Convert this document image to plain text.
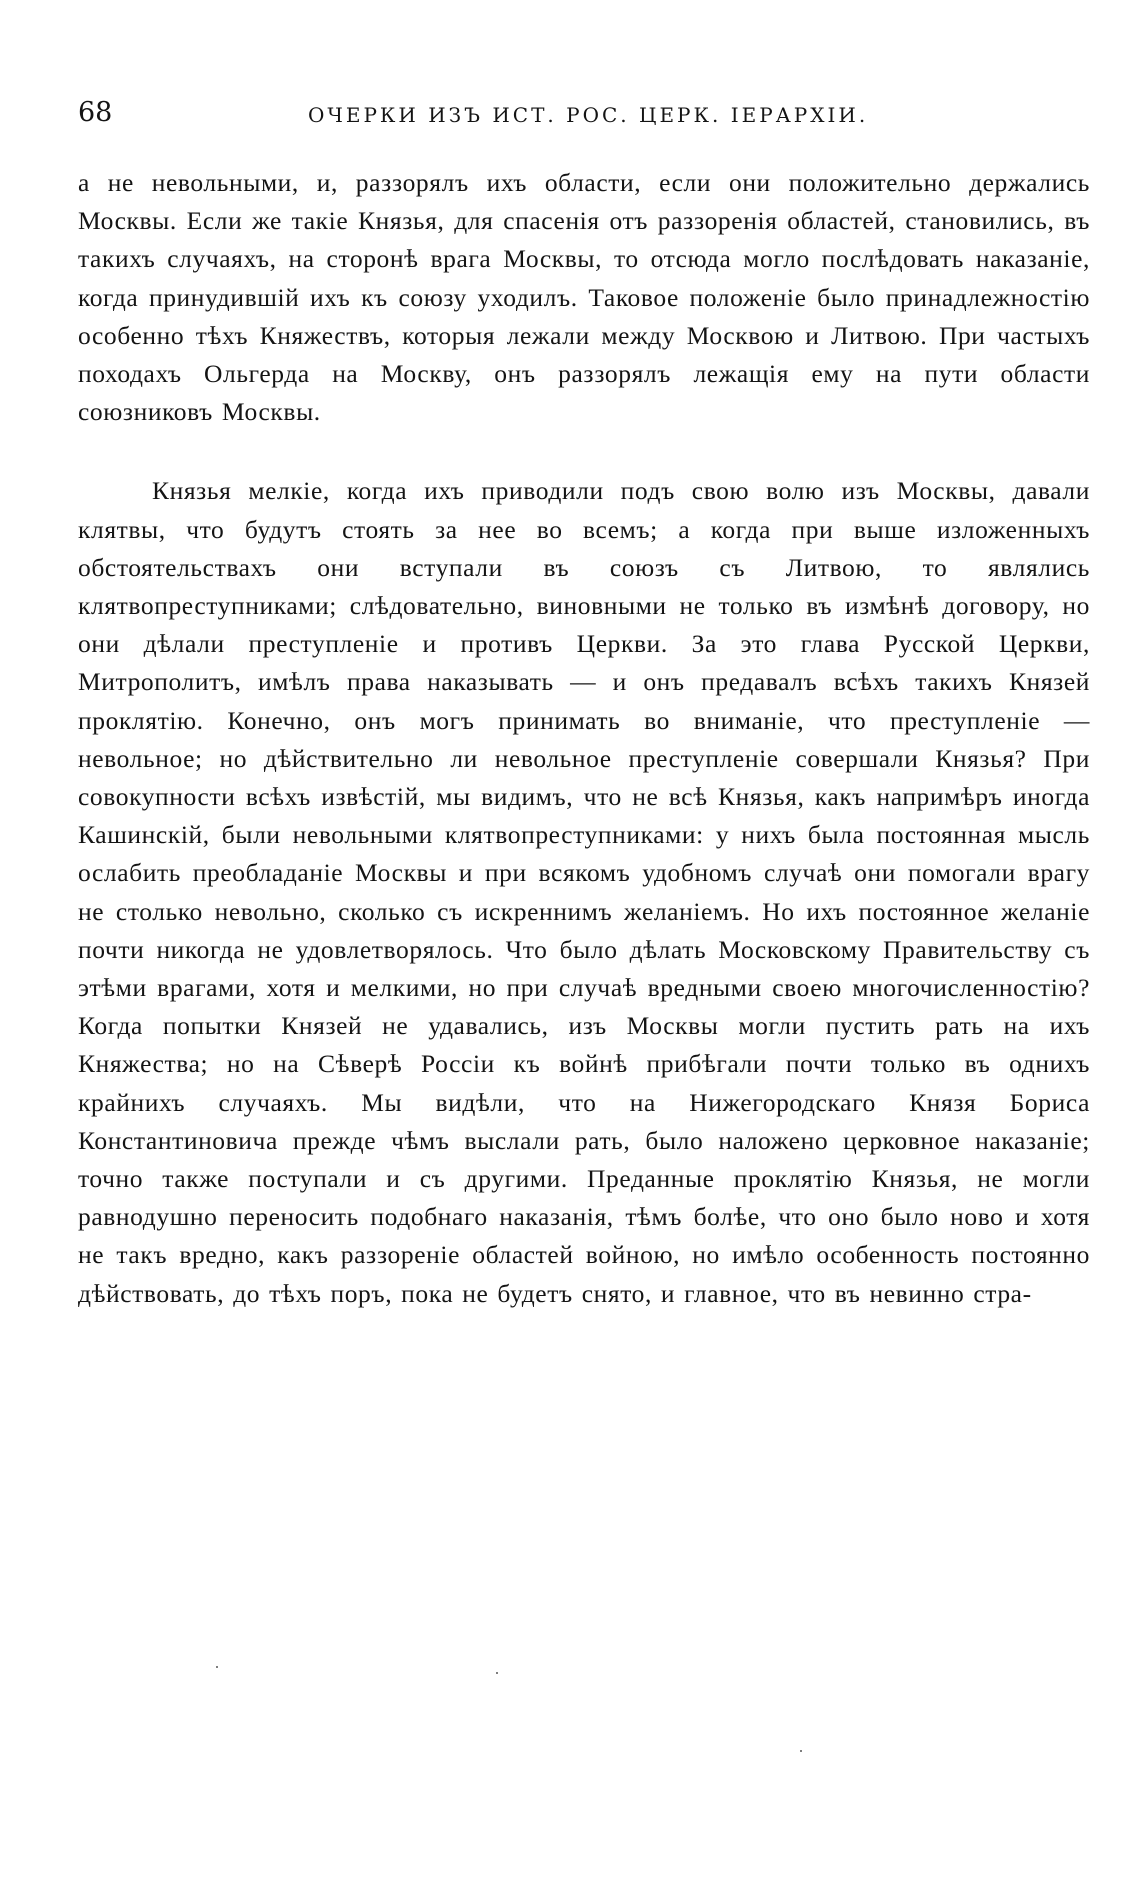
68	ОЧЕРКИ ИЗЪ ИСТ. РОС. ЦЕРК. ІЕРАРХІИ.

а не невольными, и, раззорялъ ихъ области, если они положительно держались Москвы. Если же такіе Князья, для спасенія отъ раззоренія областей, становились, въ такихъ случаяхъ, на сторонѣ врага Москвы, то отсюда могло послѣдовать наказаніе, когда принудившій ихъ къ союзу уходилъ. Таковое положеніе было принадлежностію особенно тѣхъ Княжествъ, которыя лежали между Москвою и Литвою. При частыхъ походахъ Ольгерда на Москву, онъ раззорялъ лежащія ему на пути области союзниковъ Москвы.

Князья мелкіе, когда ихъ приводили подъ свою волю изъ Москвы, давали клятвы, что будутъ стоять за нее во всемъ; а когда при выше изложенныхъ обстоятельствахъ они вступали въ союзъ съ Литвою, то являлись клятвопреступниками; слѣдовательно, виновными не только въ измѣнѣ договору, но они дѣлали преступленіе и противъ Церкви. За это глава Русской Церкви, Митрополитъ, имѣлъ права наказывать — и онъ предавалъ всѣхъ такихъ Князей проклятію. Конечно, онъ могъ принимать во вниманіе, что преступленіе — невольное; но дѣйствительно ли невольное преступленіе совершали Князья? При совокупности всѣхъ извѣстій, мы видимъ, что не всѣ Князья, какъ напримѣръ иногда Кашинскій, были невольными клятвопреступниками: у нихъ была постоянная мысль ослабить преобладаніе Москвы и при всякомъ удобномъ случаѣ они помогали врагу не столько невольно, сколько съ искреннимъ желаніемъ. Но ихъ постоянное желаніе почти никогда не удовлетворялось. Что было дѣлать Московскому Правительству съ этѣми врагами, хотя и мелкими, но при случаѣ вредными своею многочисленностію? Когда попытки Князей не удавались, изъ Москвы могли пустить рать на ихъ Княжества; но на Сѣверѣ Россіи къ войнѣ прибѣгали почти только въ однихъ крайнихъ случаяхъ. Мы видѣли, что на Нижегородскаго Князя Бориса Константиновича прежде чѣмъ выслали рать, было наложено церковное наказаніе; точно также поступали и съ другими. Преданные проклятію Князья, не могли равнодушно переносить подобнаго наказанія, тѣмъ болѣе, что оно было ново и хотя не такъ вредно, какъ раззореніе областей войною, но имѣло особенность постоянно дѣйствовать, до тѣхъ поръ, пока не будетъ снято, и главное, что въ невинно стра-
